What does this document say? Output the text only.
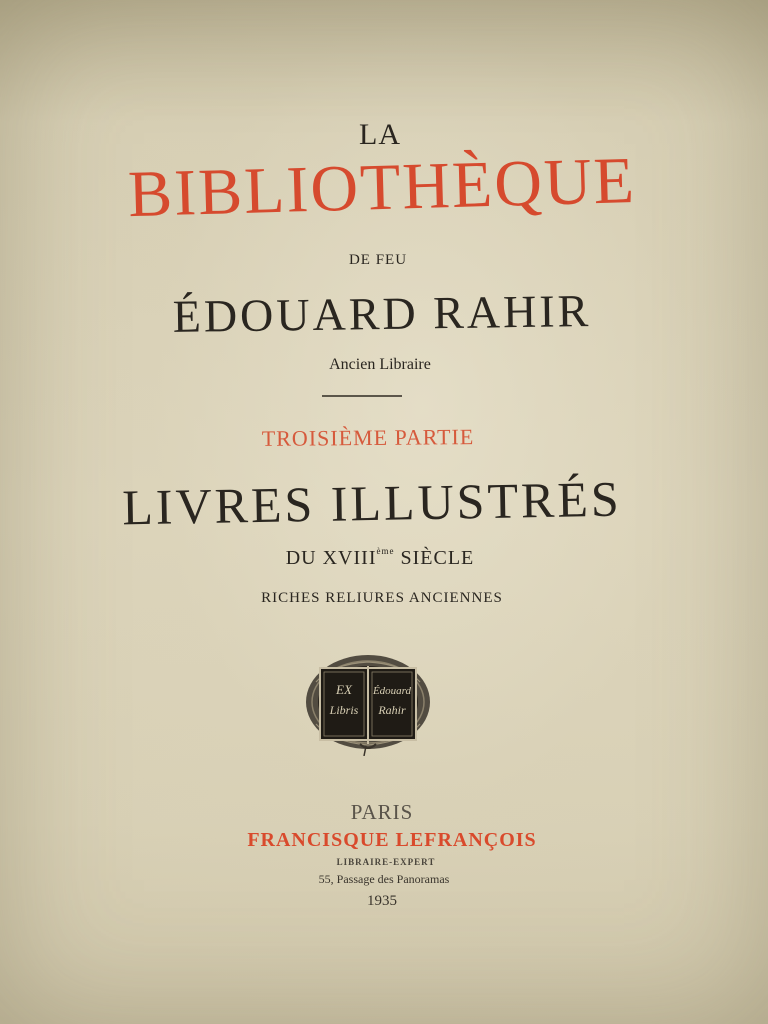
LA
BIBLIOTHÈQUE
DE FEU
ÉDOUARD RAHIR
Ancien Libraire
TROISIÈME PARTIE
LIVRES ILLUSTRÉS
DU XVIIIème SIÈCLE
RICHES RELIURES ANCIENNES
EX
Libris
Édouard
Rahir
PARIS
FRANCISQUE LEFRANÇOIS
LIBRAIRE-EXPERT
55, Passage des Panoramas
1935
